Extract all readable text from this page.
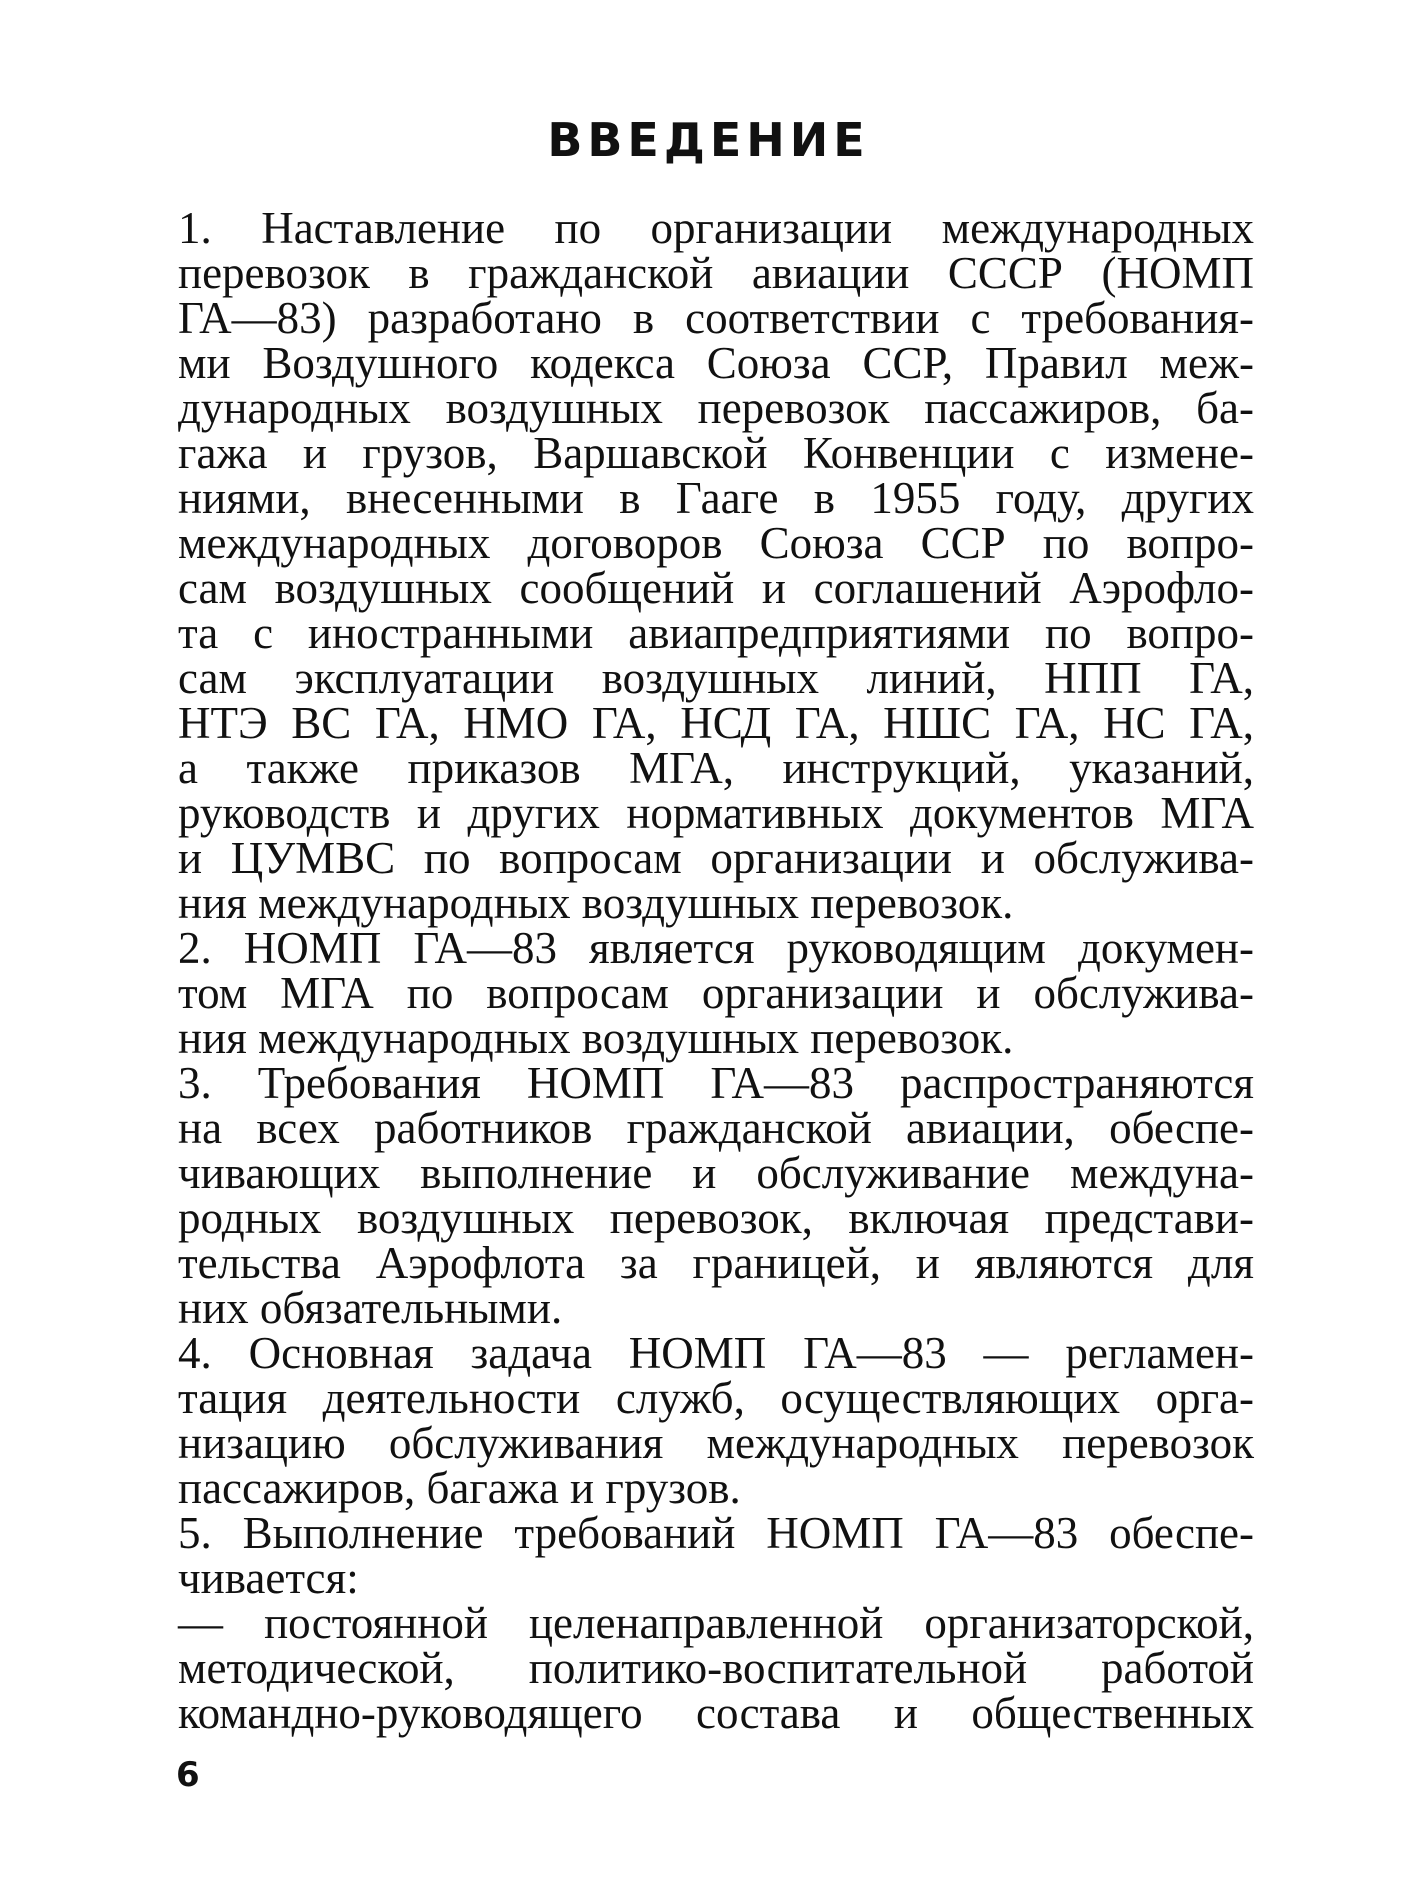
ВВЕДЕНИЕ
1. Наставление по организации международных
перевозок в гражданской авиации СССР (НОМП
ГА—83) разработано в соответствии с требования-
ми Воздушного кодекса Союза ССР, Правил меж-
дународных воздушных перевозок пассажиров, ба-
гажа и грузов, Варшавской Конвенции с измене-
ниями, внесенными в Гааге в 1955 году, других
международных договоров Союза ССР по вопро-
сам воздушных сообщений и соглашений Аэрофло-
та с иностранными авиапредприятиями по вопро-
сам эксплуатации воздушных линий, НПП ГА,
НТЭ ВС ГА, НМО ГА, НСД ГА, НШС ГА, НС ГА,
а также приказов МГА, инструкций, указаний,
руководств и других нормативных документов МГА
и ЦУМВС по вопросам организации и обслужива-
ния международных воздушных перевозок.
2. НОМП ГА—83 является руководящим докумен-
том МГА по вопросам организации и обслужива-
ния международных воздушных перевозок.
3. Требования НОМП ГА—83 распространяются
на всех работников гражданской авиации, обеспе-
чивающих выполнение и обслуживание междуна-
родных воздушных перевозок, включая представи-
тельства Аэрофлота за границей, и являются для
них обязательными.
4. Основная задача НОМП ГА—83 — регламен-
тация деятельности служб, осуществляющих орга-
низацию обслуживания международных перевозок
пассажиров, багажа и грузов.
5. Выполнение требований НОМП ГА—83 обеспе-
чивается:
— постоянной целенаправленной организаторской,
методической, политико-воспитательной работой
командно-руководящего состава и общественных
6
